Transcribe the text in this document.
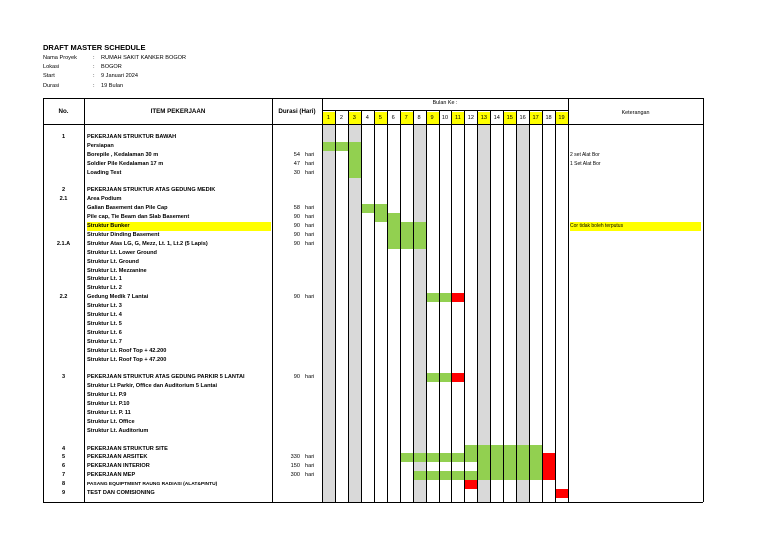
DRAFT MASTER SCHEDULE
Nama Proyek	: RUMAH SAKIT KANKER BOGOR
Lokasi	: BOGOR
Start	: 9 Januari 2024
Durasi	: 19 Bulan
No.	ITEM PEKERJAAN	Durasi (Hari)
Bulan Ke :
Keterangan
1	2	3	4	5	6	7	8	9	10	11	12	13	14	15	16	17	18	19
1	PEKERJAAN STRUKTUR BAWAH
Persiapan
Borepile , Kedalaman 30 m	54 hari	2 set Alat Bor
Soldier Pile Kedalaman 17 m	47 hari	1 Set Alat Bor
Loading Test	30 hari
2	PEKERJAAN STRUKTUR ATAS GEDUNG MEDIK
2.1	Area Podium
Galian Basement dan Pile Cap	58 hari
Pile cap, Tie Beam dan Slab Basement	90 hari
Struktur Bunker	90 hari	Cor tidak boleh terputus
Struktur Dinding Basement	90 hari
2.1.A	Struktur Atas LG, G, Mezz, Lt. 1, Lt.2 (5 Lapis)	90 hari
Struktur Lt. Lower Ground
Struktur Lt. Ground
Struktur Lt. Mezzanine
Struktur Lt. 1
Struktur Lt. 2
2.2	Gedung Medik 7 Lantai	90 hari
Struktur Lt. 3
Struktur Lt. 4
Struktur Lt. 5
Struktur Lt. 6
Struktur Lt. 7
Struktur Lt. Roof Top + 42.200
Struktur Lt. Roof Top + 47.200
3	PEKERJAAN STRUKTUR ATAS GEDUNG PARKIR 5 LANTAI	90 hari
Struktur Lt Parkir, Office dan Auditorium 5 Lantai
Struktur Lt. P.9
Struktur Lt. P.10
Struktur Lt. P. 11
Struktur Lt. Office
Struktur Lt. Auditorium
4	PEKERJAAN STRUKTUR SITE
5	PEKERJAAN ARSITEK	330 hari
6	PEKERJAAN INTERIOR	150 hari
7	PEKERJAAN MEP	300 hari
8	PASANG EQUIPTMENT RAUNG RADIASI (ALAT&PINTU)
9	TEST DAN COMISIONING
